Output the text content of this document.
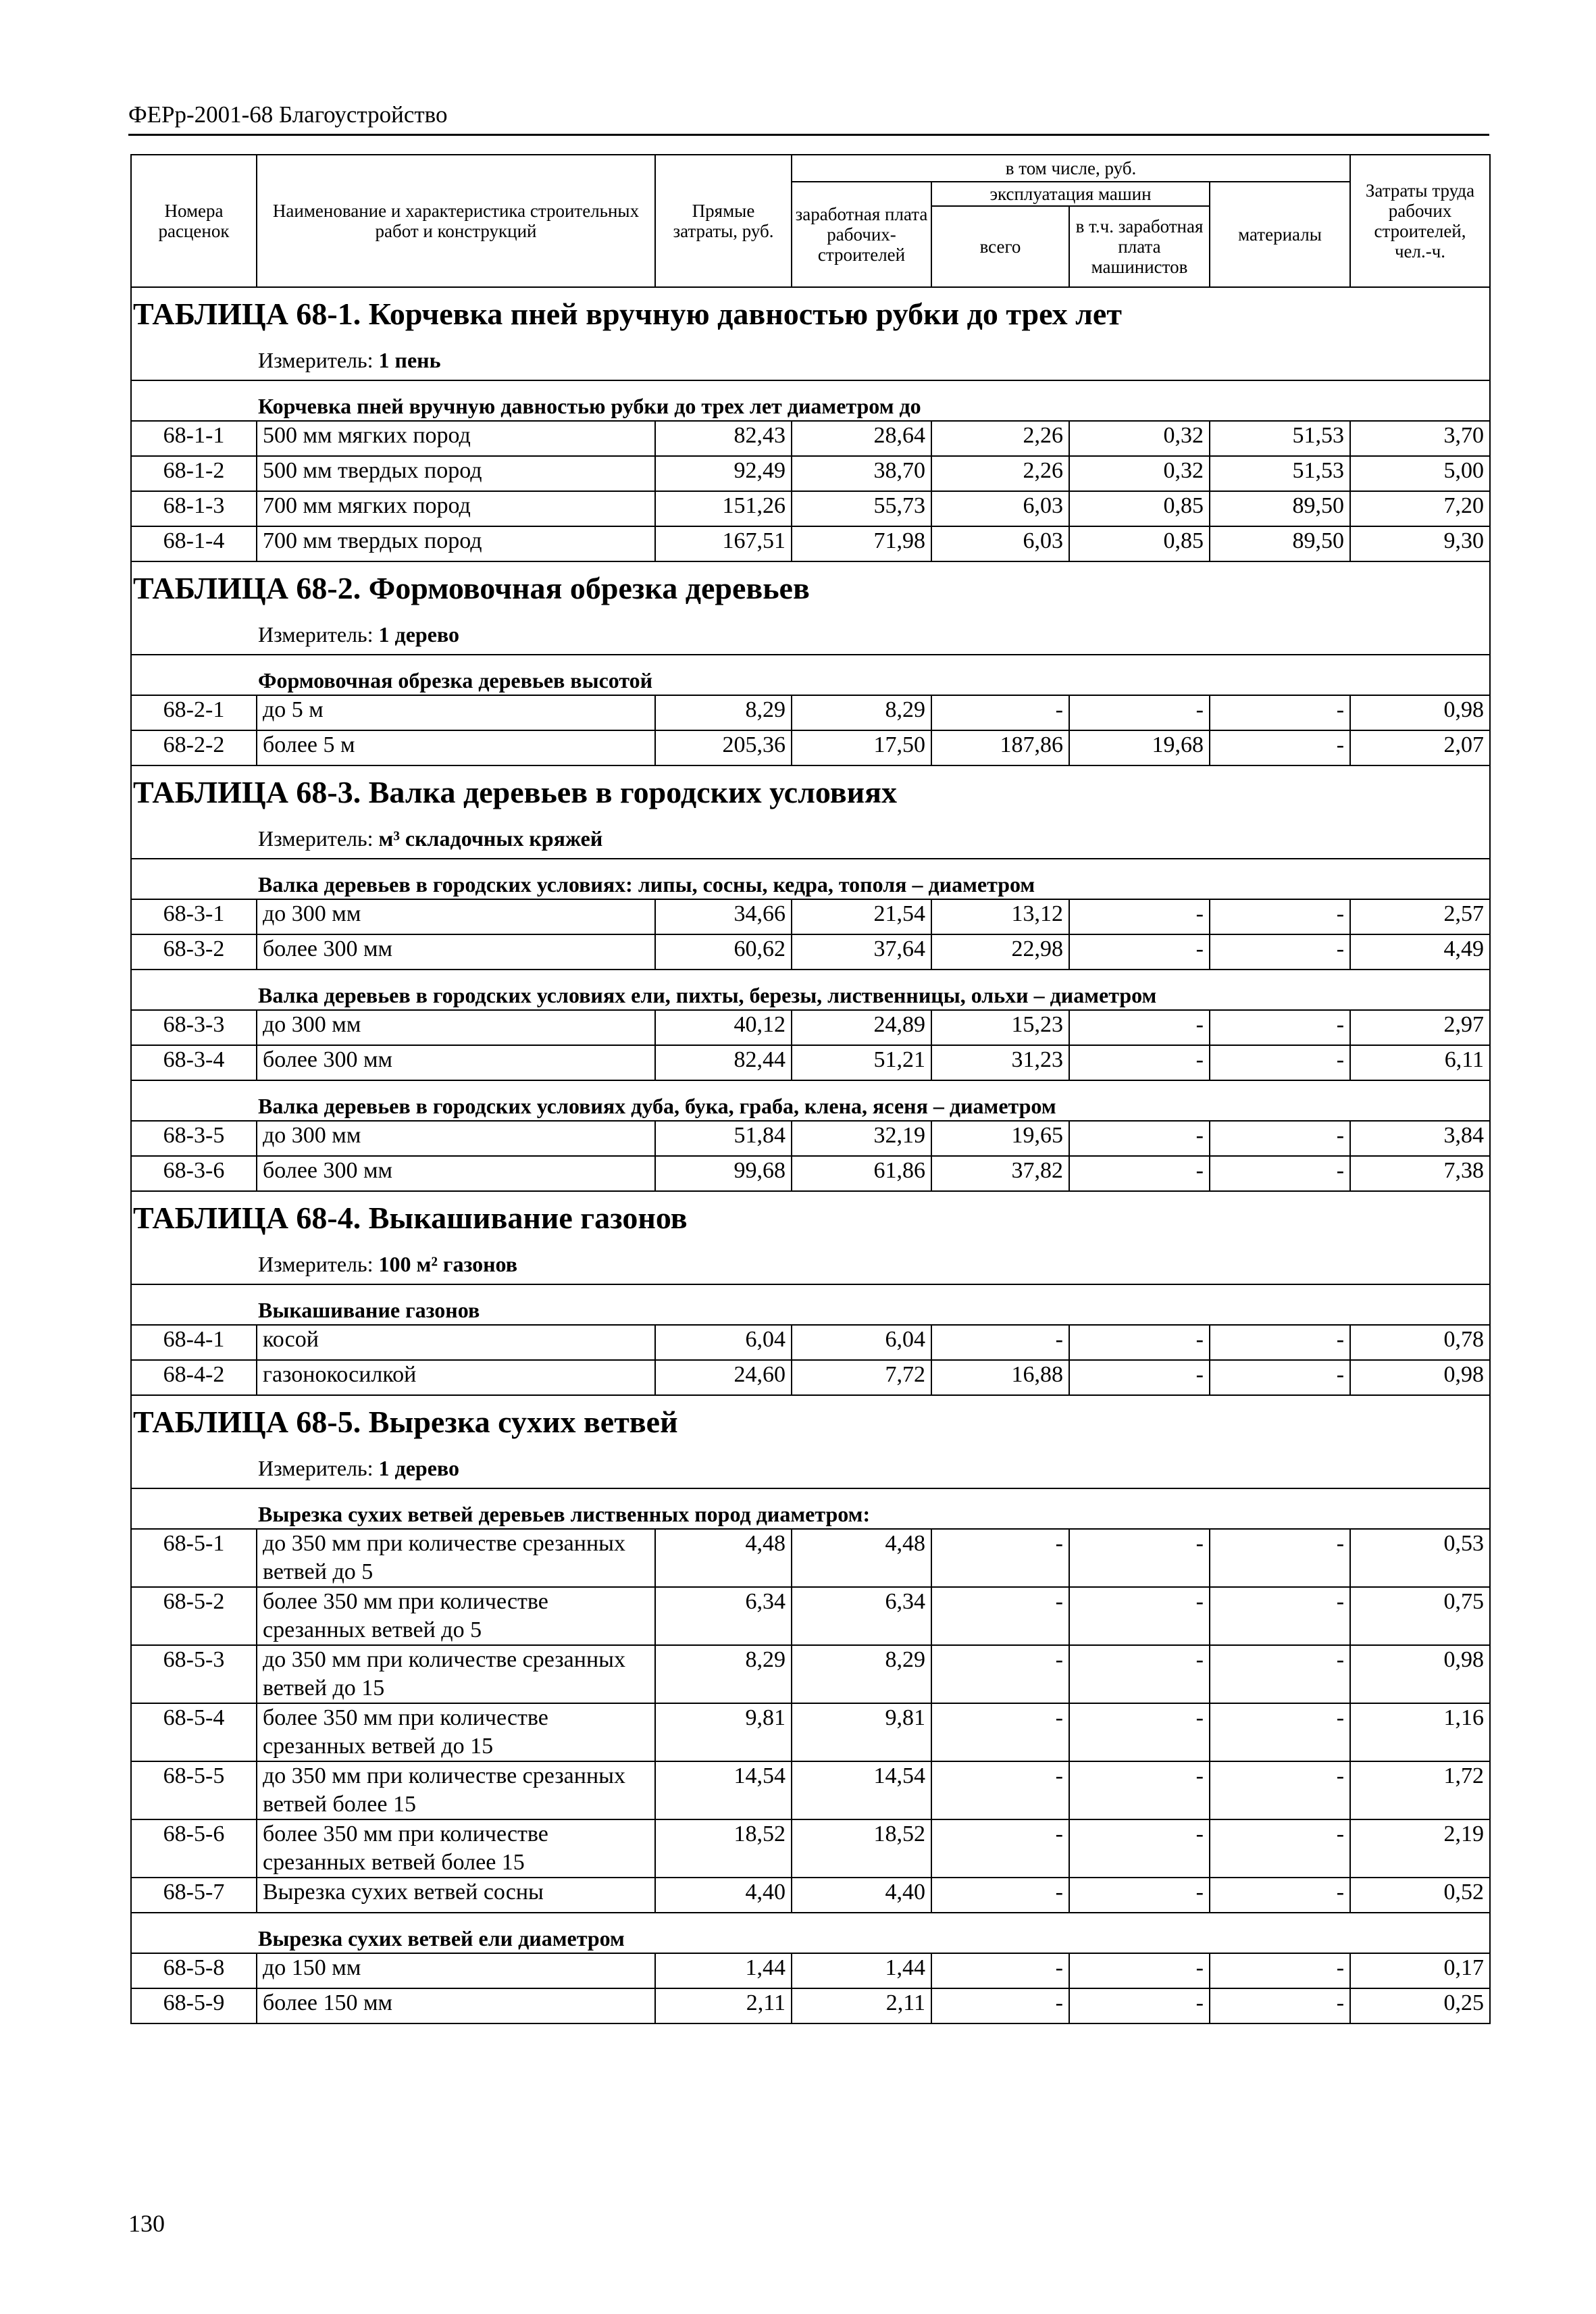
ФЕРр-2001-68 Благоустройство
Номера расценок	Наименование и характеристика строительных работ и конструкций	Прямые затраты, руб.	в том числе, руб.				Затраты труда рабочих строителей, чел.-ч.
			заработная плата рабочих-строителей	эксплуатация машин		материалы	
				всего	в т.ч. заработная плата машинистов		

ТАБЛИЦА 68-1. Корчевка пней вручную давностью рубки до трех лет							
Измеритель: 1 пень							
Корчевка пней вручную давностью рубки до трех лет диаметром до							
68-1-1	500 мм мягких пород	82,43	28,64	2,26	0,32	51,53	3,70
68-1-2	500 мм твердых пород	92,49	38,70	2,26	0,32	51,53	5,00
68-1-3	700 мм мягких пород	151,26	55,73	6,03	0,85	89,50	7,20
68-1-4	700 мм твердых пород	167,51	71,98	6,03	0,85	89,50	9,30
ТАБЛИЦА 68-2. Формовочная обрезка деревьев							
Измеритель: 1 дерево							
Формовочная обрезка деревьев высотой							
68-2-1	до 5 м	8,29	8,29	-	-	-	0,98
68-2-2	более 5 м	205,36	17,50	187,86	19,68	-	2,07
ТАБЛИЦА 68-3. Валка деревьев в городских условиях							
Измеритель: м³ складочных кряжей							
Валка деревьев в городских условиях: липы, сосны, кедра, тополя – диаметром							
68-3-1	до 300 мм	34,66	21,54	13,12	-	-	2,57
68-3-2	более 300 мм	60,62	37,64	22,98	-	-	4,49
Валка деревьев в городских условиях ели, пихты, березы, лиственницы, ольхи – диаметром							
68-3-3	до 300 мм	40,12	24,89	15,23	-	-	2,97
68-3-4	более 300 мм	82,44	51,21	31,23	-	-	6,11
Валка деревьев в городских условиях дуба, бука, граба, клена, ясеня – диаметром							
68-3-5	до 300 мм	51,84	32,19	19,65	-	-	3,84
68-3-6	более 300 мм	99,68	61,86	37,82	-	-	7,38
ТАБЛИЦА 68-4. Выкашивание газонов							
Измеритель: 100 м² газонов							
Выкашивание газонов							
68-4-1	косой	6,04	6,04	-	-	-	0,78
68-4-2	газонокосилкой	24,60	7,72	16,88	-	-	0,98
ТАБЛИЦА 68-5. Вырезка сухих ветвей							
Измеритель: 1 дерево							
Вырезка сухих ветвей деревьев лиственных пород диаметром:							
68-5-1	до 350 мм при количестве срезанных ветвей до 5	4,48	4,48	-	-	-	0,53
68-5-2	более 350 мм при количестве срезанных ветвей до 5	6,34	6,34	-	-	-	0,75
68-5-3	до 350 мм при количестве срезанных ветвей до 15	8,29	8,29	-	-	-	0,98
68-5-4	более 350 мм при количестве срезанных ветвей до 15	9,81	9,81	-	-	-	1,16
68-5-5	до 350 мм при количестве срезанных ветвей более 15	14,54	14,54	-	-	-	1,72
68-5-6	более 350 мм при количестве срезанных ветвей более 15	18,52	18,52	-	-	-	2,19
68-5-7	Вырезка сухих ветвей сосны	4,40	4,40	-	-	-	0,52
Вырезка сухих ветвей ели диаметром							
68-5-8	до 150 мм	1,44	1,44	-	-	-	0,17
68-5-9	более 150 мм	2,11	2,11	-	-	-	0,25
130
